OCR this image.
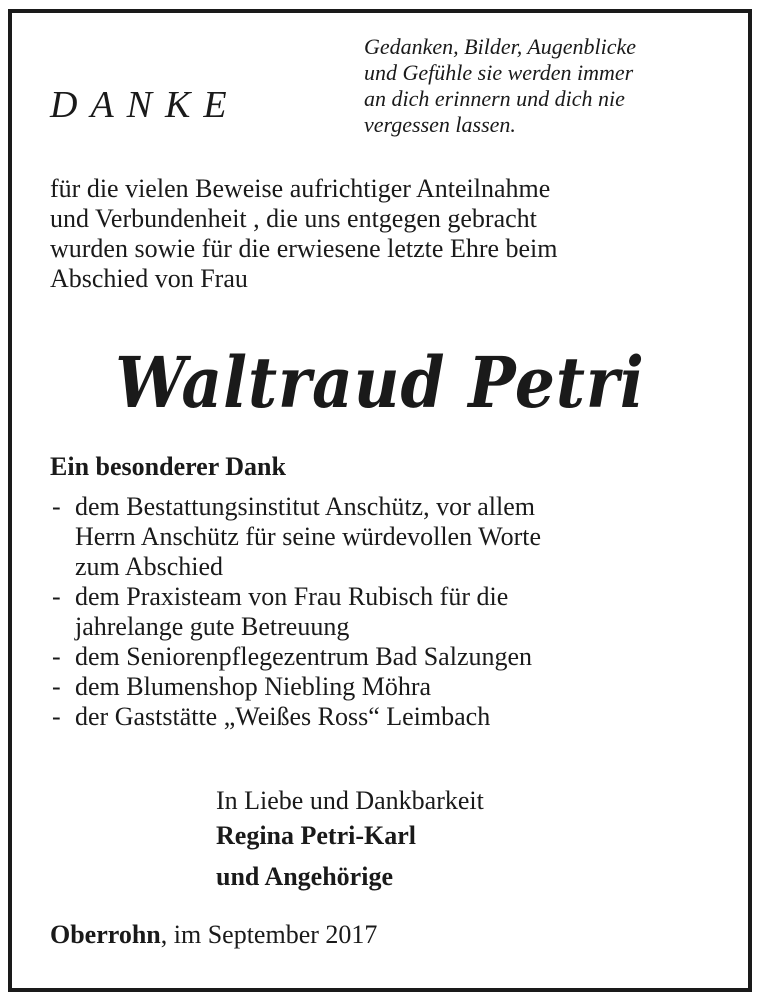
DANKE
Gedanken, Bilder, Augenblicke
und Gefühle sie werden immer
an dich erinnern und dich nie
vergessen lassen.
für die vielen Beweise aufrichtiger Anteilnahme
und Verbundenheit , die uns entgegen gebracht
wurden sowie für die erwiesene letzte Ehre beim
Abschied von Frau
Waltraud Petri
Ein besonderer Dank
- dem Bestattungsinstitut Anschütz, vor allem
Herrn Anschütz für seine würdevollen Worte
zum Abschied
- dem Praxisteam von Frau Rubisch für die
jahrelange gute Betreuung
- dem Seniorenpflegezentrum Bad Salzungen
- dem Blumenshop Niebling Möhra
- der Gaststätte „Weißes Ross“ Leimbach
In Liebe und Dankbarkeit
Regina Petri-Karl
und Angehörige
Oberrohn, im September 2017
